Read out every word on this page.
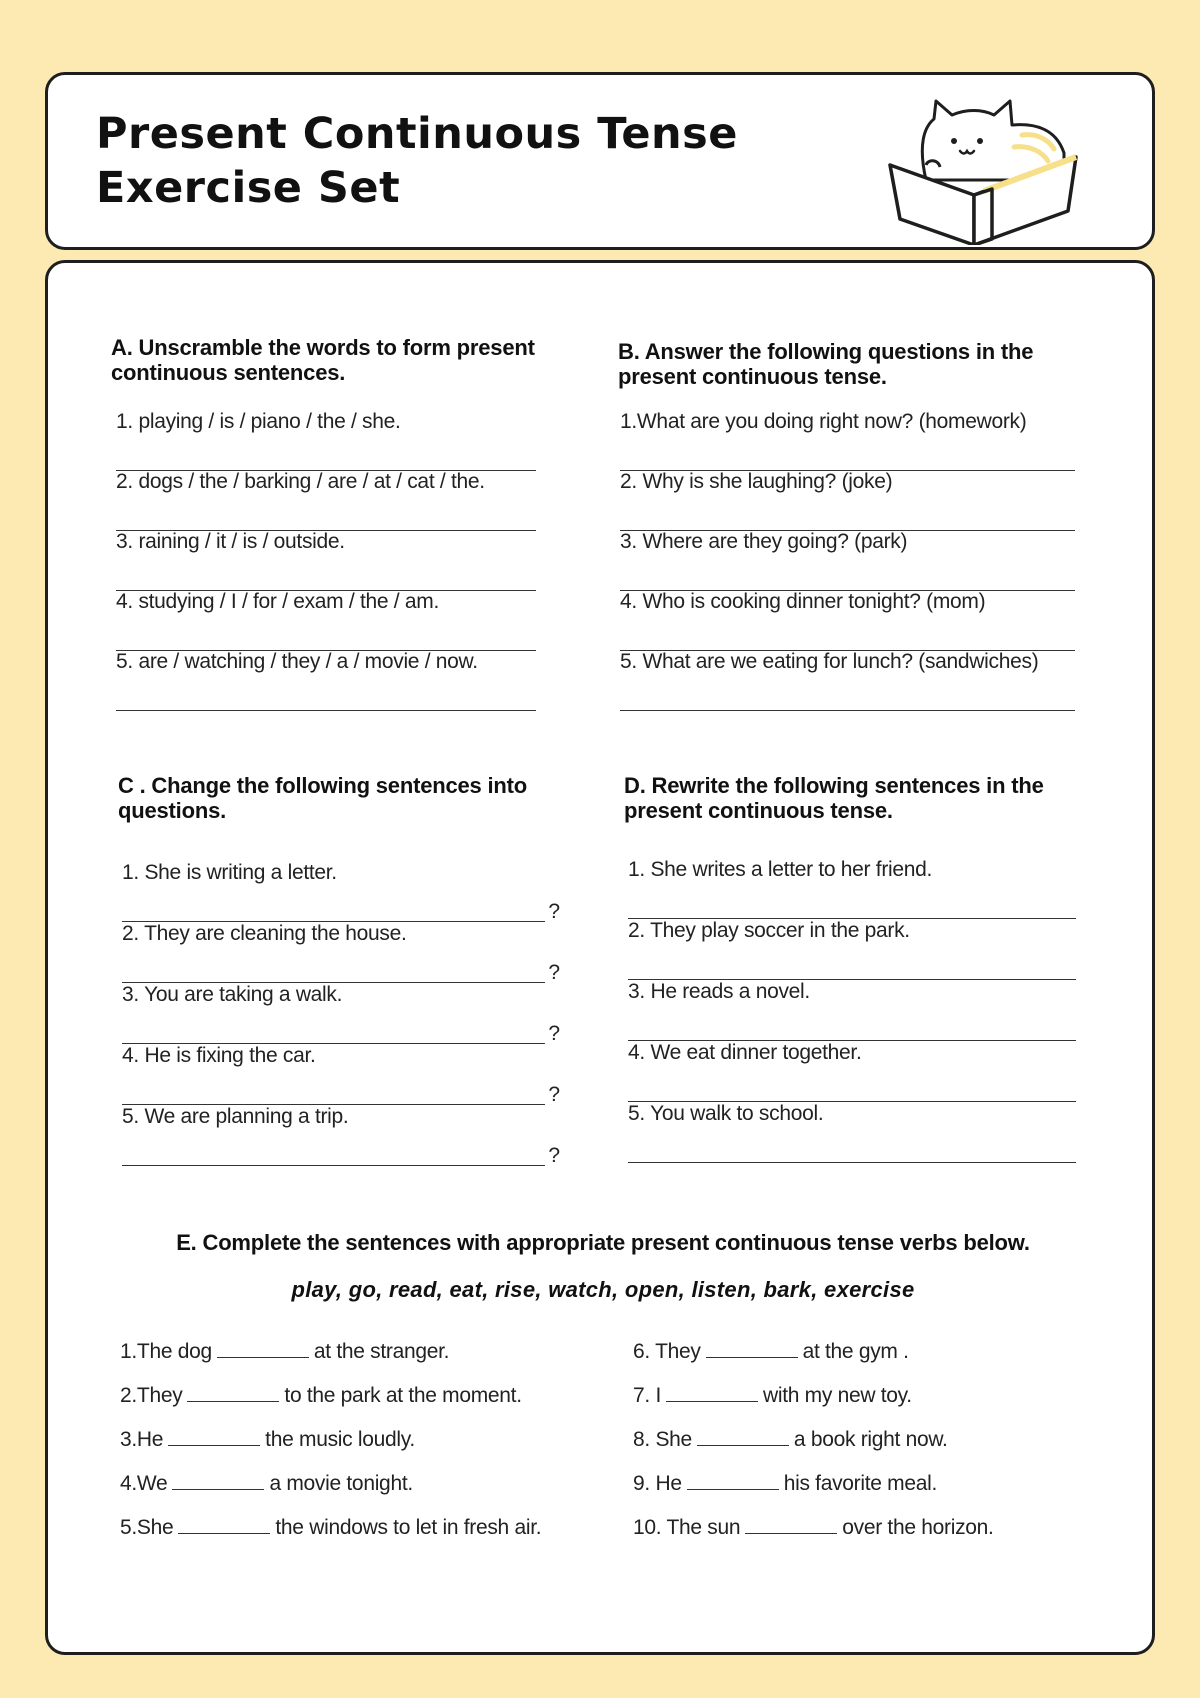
Present Continuous Tense
Exercise Set
A. Unscramble the words to form present continuous sentences.
1. playing / is / piano / the / she.
2. dogs / the / barking / are / at / cat / the.
3. raining / it / is / outside.
4. studying / I / for / exam / the / am.
5. are / watching / they / a / movie / now.
B. Answer the following questions in the present continuous tense.
1.What are you doing right now? (homework)
2. Why is she laughing? (joke)
3. Where are they going? (park)
4. Who is cooking dinner tonight? (mom)
5. What are we eating for lunch? (sandwiches)
C . Change the following sentences into questions.
1. She is writing a letter.
?
2. They are cleaning the house.
?
3. You are taking a walk.
?
4. He is fixing the car.
?
5. We are planning a trip.
?
D. Rewrite the following sentences in the present continuous tense.
1. She writes a letter to her friend.
2. They play soccer in the park.
3. He reads a novel.
4. We eat dinner together.
5. You walk to school.
E. Complete the sentences with appropriate present continuous tense verbs below.

play, go, read, eat, rise, watch, open, listen, bark, exercise

1.The dog	at the stranger.
2.They	to the park at the moment.
3.He	the music loudly.
4.We	a movie tonight.
5.She	the windows to let in fresh air.
6. They	at the gym .
7. I	with my new toy.
8. She	a book right now.
9. He	his favorite meal.
10. The sun	over the horizon.
